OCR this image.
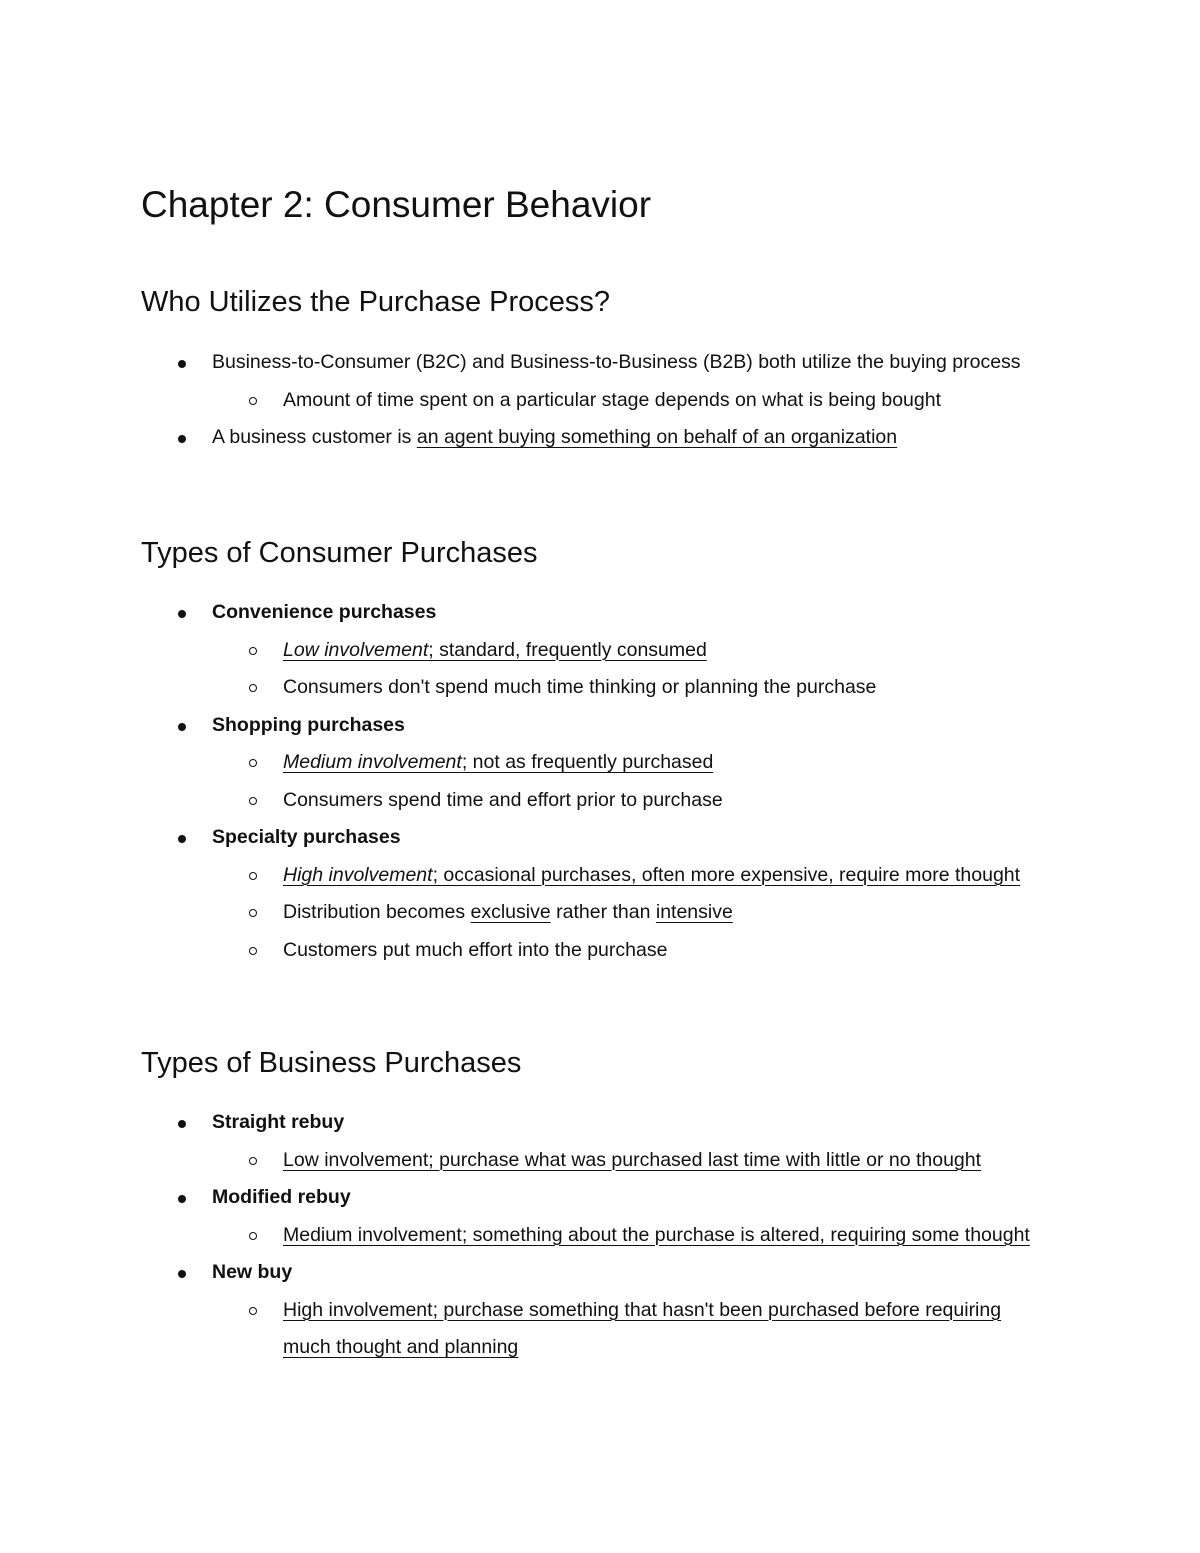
Chapter 2: Consumer Behavior
Who Utilizes the Purchase Process?
Business-to-Consumer (B2C) and Business-to-Business (B2B) both utilize the buying process
Amount of time spent on a particular stage depends on what is being bought
A business customer is an agent buying something on behalf of an organization
Types of Consumer Purchases
Convenience purchases
Low involvement; standard, frequently consumed
Consumers don't spend much time thinking or planning the purchase
Shopping purchases
Medium involvement; not as frequently purchased
Consumers spend time and effort prior to purchase
Specialty purchases
High involvement; occasional purchases, often more expensive, require more thought
Distribution becomes exclusive rather than intensive
Customers put much effort into the purchase
Types of Business Purchases
Straight rebuy
Low involvement; purchase what was purchased last time with little or no thought
Modified rebuy
Medium involvement; something about the purchase is altered, requiring some thought
New buy
High involvement; purchase something that hasn't been purchased before requiring much thought and planning
